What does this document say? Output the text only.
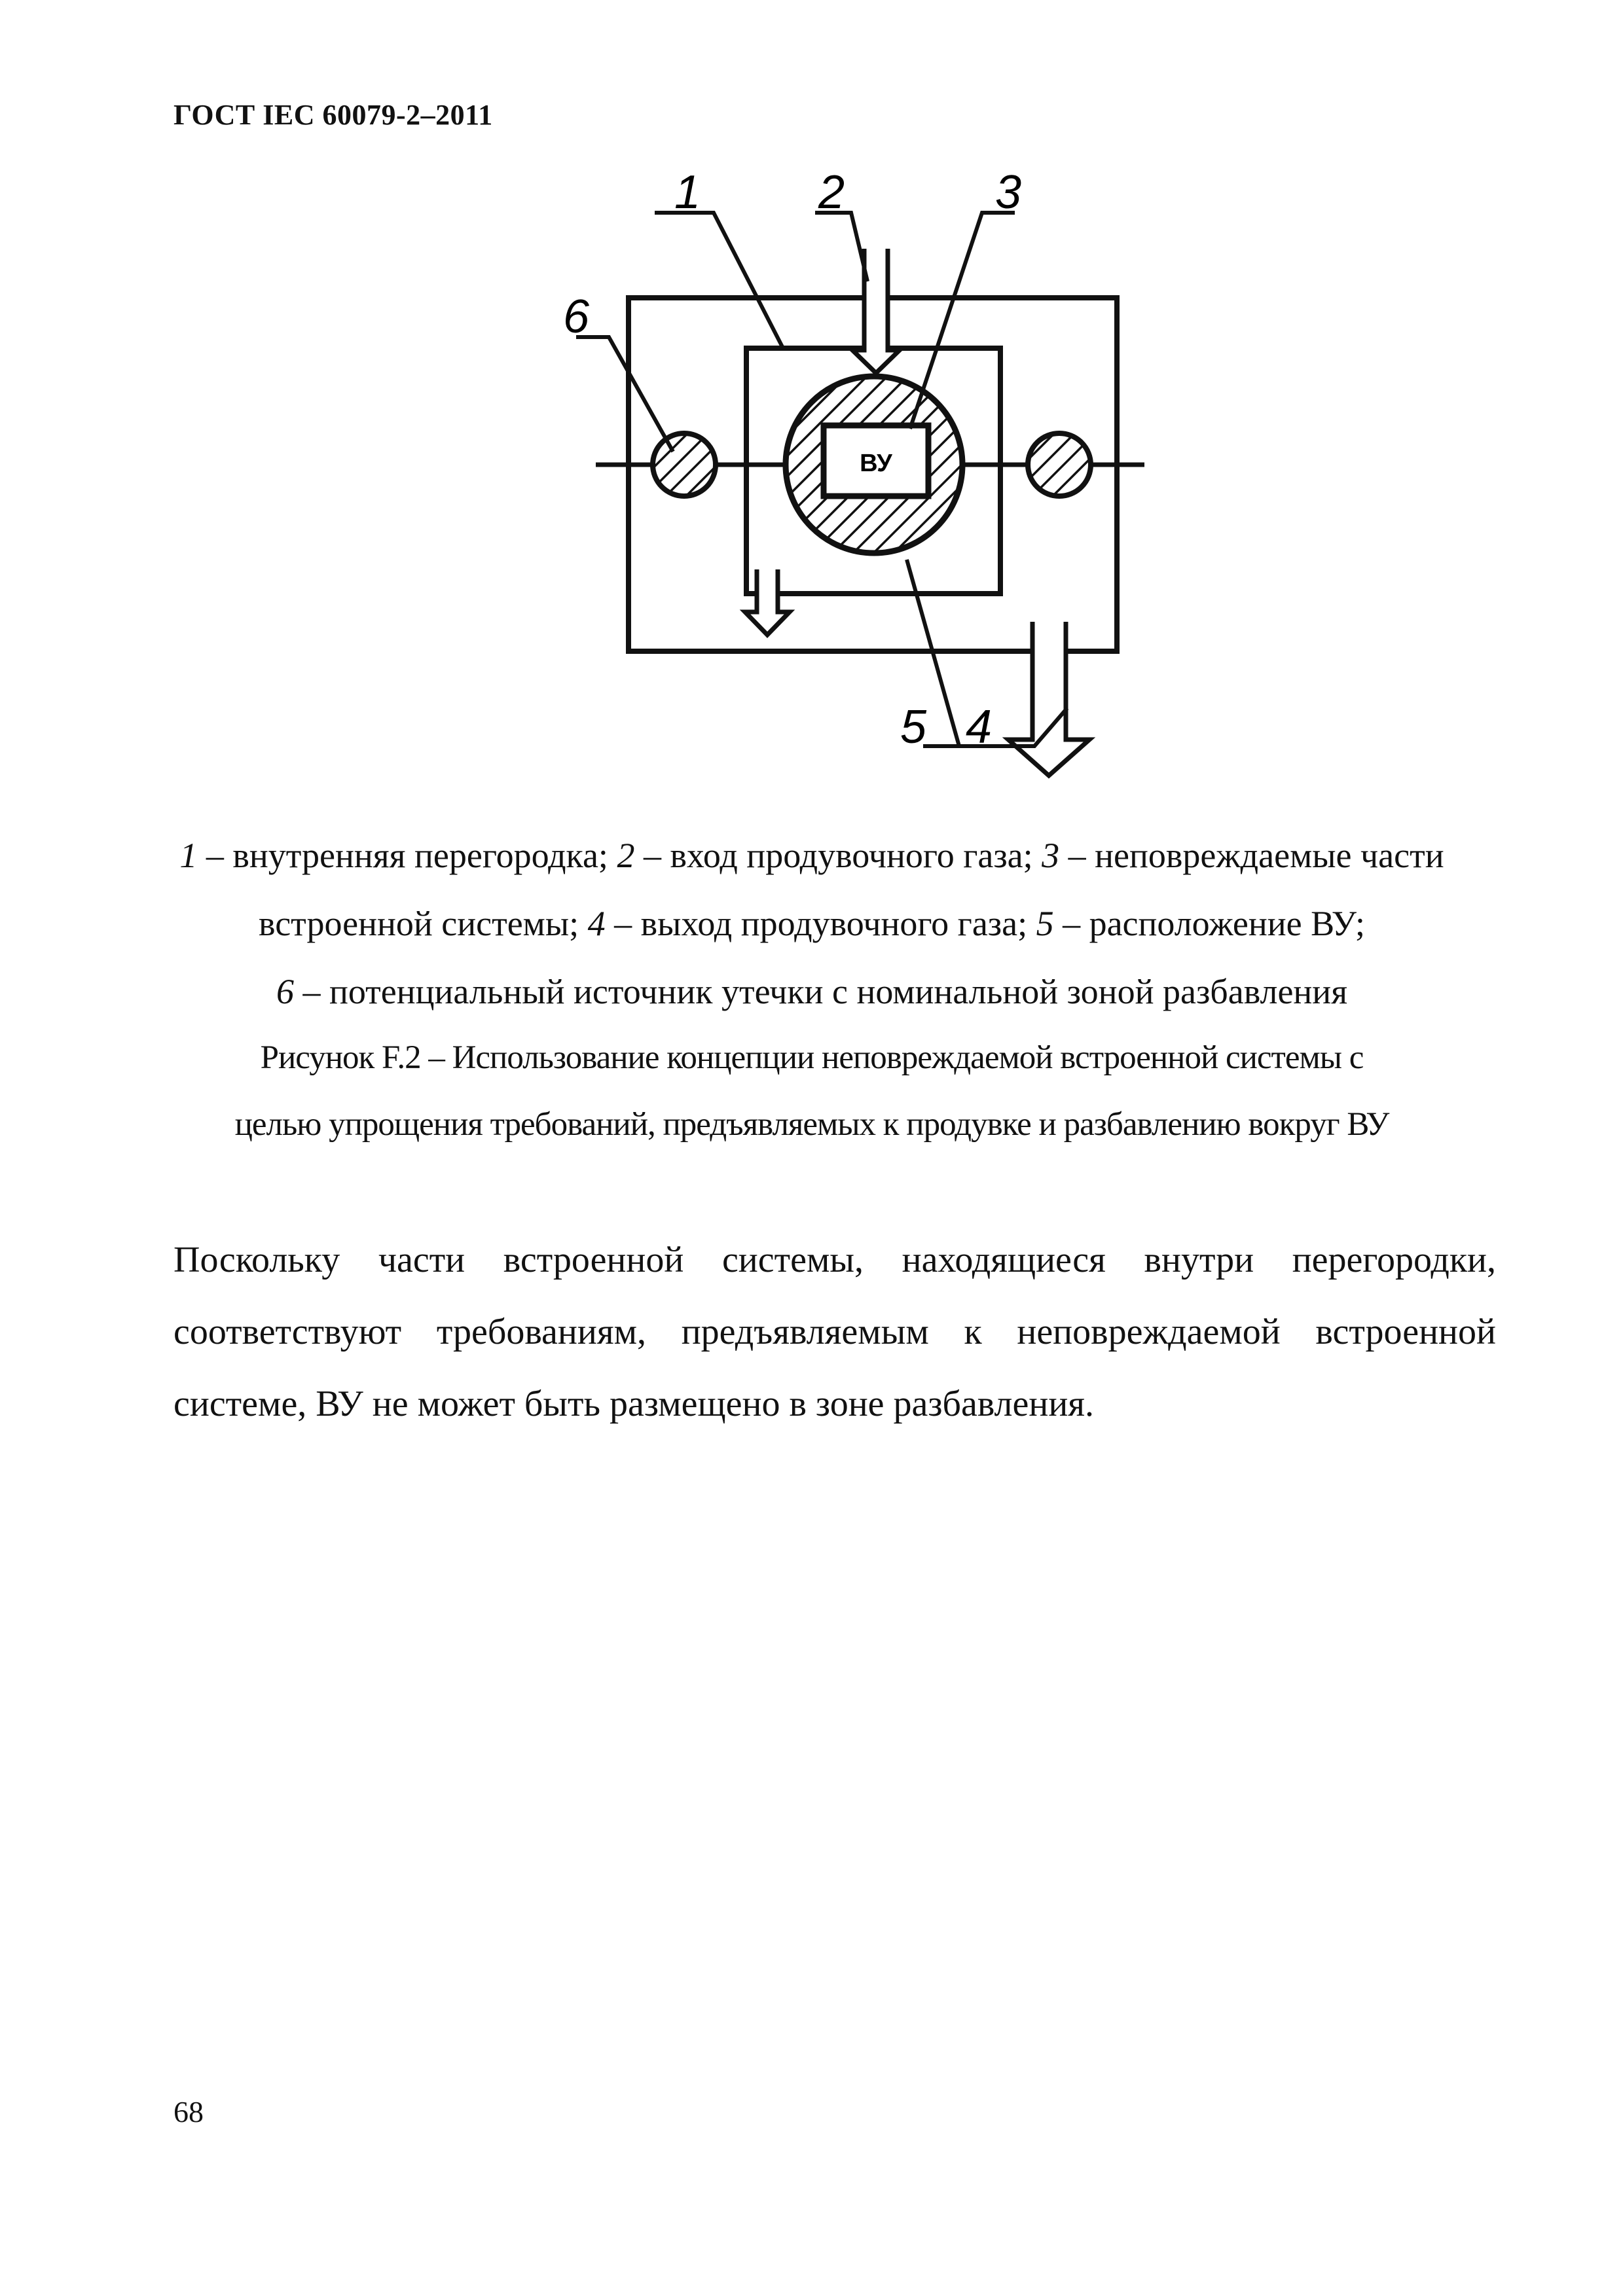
ГОСТ IEC 60079-2–2011
ВУ
1 2	3
6
5 4
1 – внутренняя перегородка; 2 – вход продувочного газа; 3 – неповреждаемые части встроенной системы; 4 – выход продувочного газа; 5 – расположение ВУ;
6 – потенциальный источник утечки с номинальной зоной разбавления
Рисунок F.2 – Использование концепции неповреждаемой встроенной системы с
целью упрощения требований, предъявляемых к продувке и разбавлению вокруг ВУ
Поскольку части встроенной системы, находящиеся внутри перегородки,
соответствуют требованиям, предъявляемым к неповреждаемой встроенной
системе, ВУ не может быть размещено в зоне разбавления.
68
